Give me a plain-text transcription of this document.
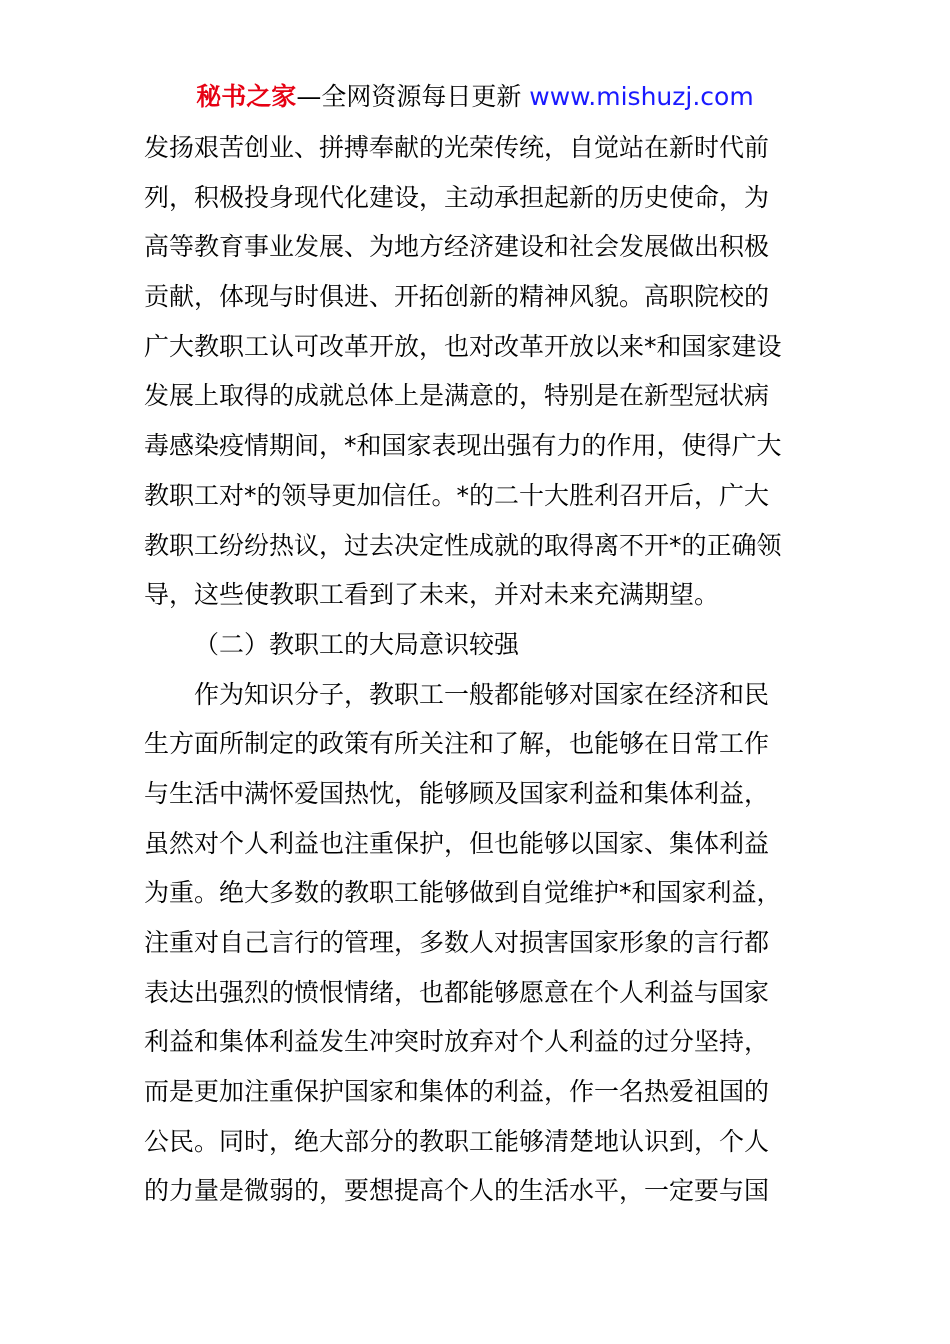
秘书之家—全网资源每日更新 www.mishuzj.com
发扬艰苦创业、拼搏奉献的光荣传统，自觉站在新时代前
列，积极投身现代化建设，主动承担起新的历史使命，为
高等教育事业发展、为地方经济建设和社会发展做出积极
贡献，体现与时俱进、开拓创新的精神风貌。高职院校的
广大教职工认可改革开放，也对改革开放以来*和国家建设
发展上取得的成就总体上是满意的，特别是在新型冠状病
毒感染疫情期间，*和国家表现出强有力的作用，使得广大
教职工对*的领导更加信任。*的二十大胜利召开后，广大
教职工纷纷热议，过去决定性成就的取得离不开*的正确领
导，这些使教职工看到了未来，并对未来充满期望。
（二）教职工的大局意识较强
作为知识分子，教职工一般都能够对国家在经济和民
生方面所制定的政策有所关注和了解，也能够在日常工作
与生活中满怀爱国热忱，能够顾及国家利益和集体利益，
虽然对个人利益也注重保护，但也能够以国家、集体利益
为重。绝大多数的教职工能够做到自觉维护*和国家利益，
注重对自己言行的管理，多数人对损害国家形象的言行都
表达出强烈的愤恨情绪，也都能够愿意在个人利益与国家
利益和集体利益发生冲突时放弃对个人利益的过分坚持，
而是更加注重保护国家和集体的利益，作一名热爱祖国的
公民。同时，绝大部分的教职工能够清楚地认识到，个人
的力量是微弱的，要想提高个人的生活水平，一定要与国
